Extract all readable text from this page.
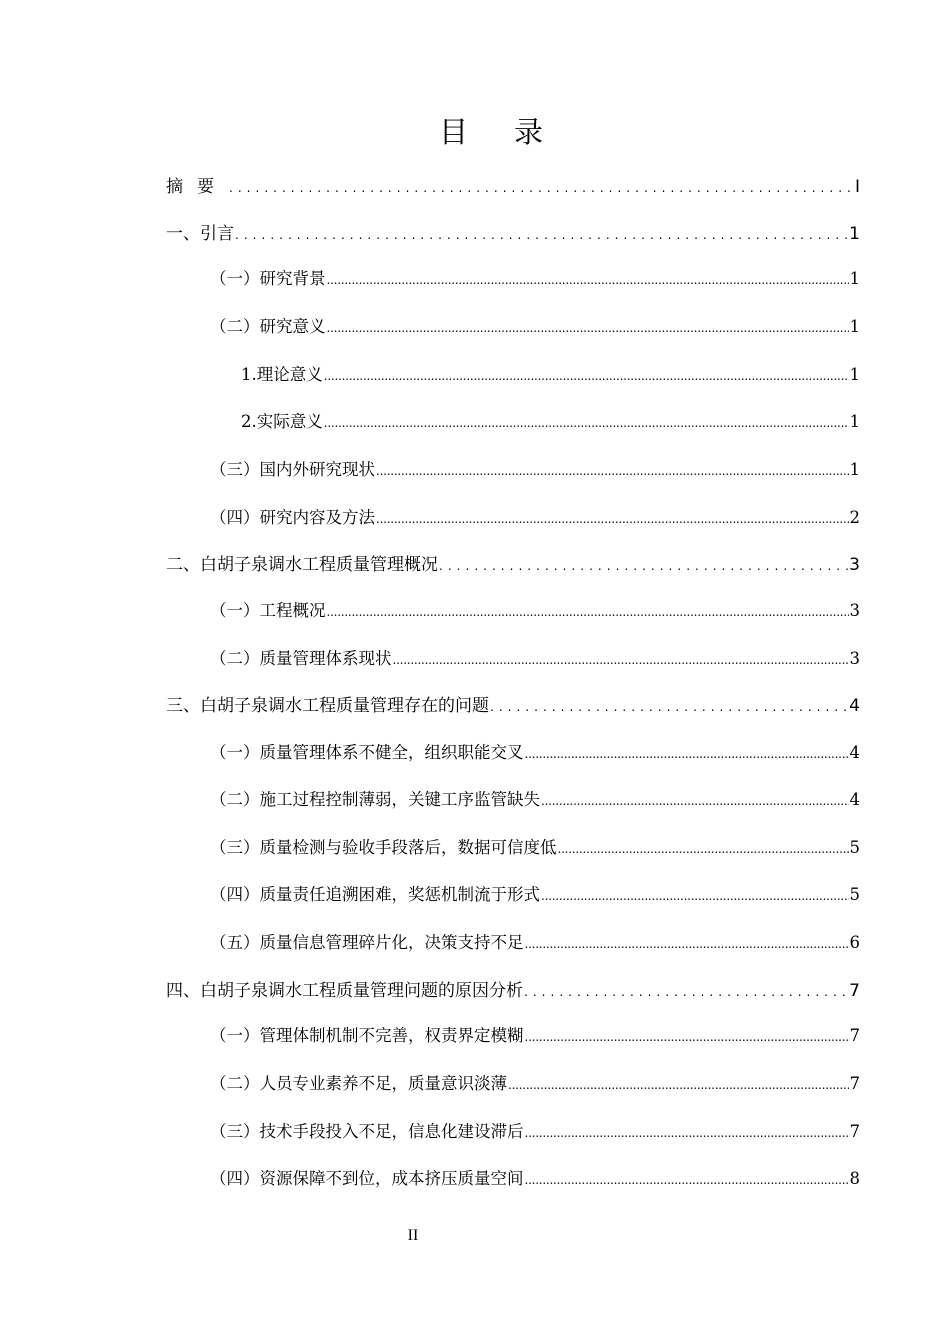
目录
摘要 . . .	I
一、引言 . . .	1
（一）研究背景 .....	1
（二）研究意义 .....	1
1.理论意义 .....	1
2.实际意义 .....	1
（三）国内外研究现状 .....	1
（四）研究内容及方法 .....	2
二、白胡子泉调水工程质量管理概况 . . .	3
（一）工程概况 .....	3
（二）质量管理体系现状 .....	3
三、白胡子泉调水工程质量管理存在的问题 . . .	4
（一）质量管理体系不健全，组织职能交叉 .....	4
（二）施工过程控制薄弱，关键工序监管缺失 .....	4
（三）质量检测与验收手段落后，数据可信度低 .....	5
（四）质量责任追溯困难，奖惩机制流于形式 .....	5
（五）质量信息管理碎片化，决策支持不足 .....	6
四、白胡子泉调水工程质量管理问题的原因分析 . . .	7
（一）管理体制机制不完善，权责界定模糊 .....	7
（二）人员专业素养不足，质量意识淡薄 .....	7
（三）技术手段投入不足，信息化建设滞后 .....	7
（四）资源保障不到位，成本挤压质量空间 .....	8
II
